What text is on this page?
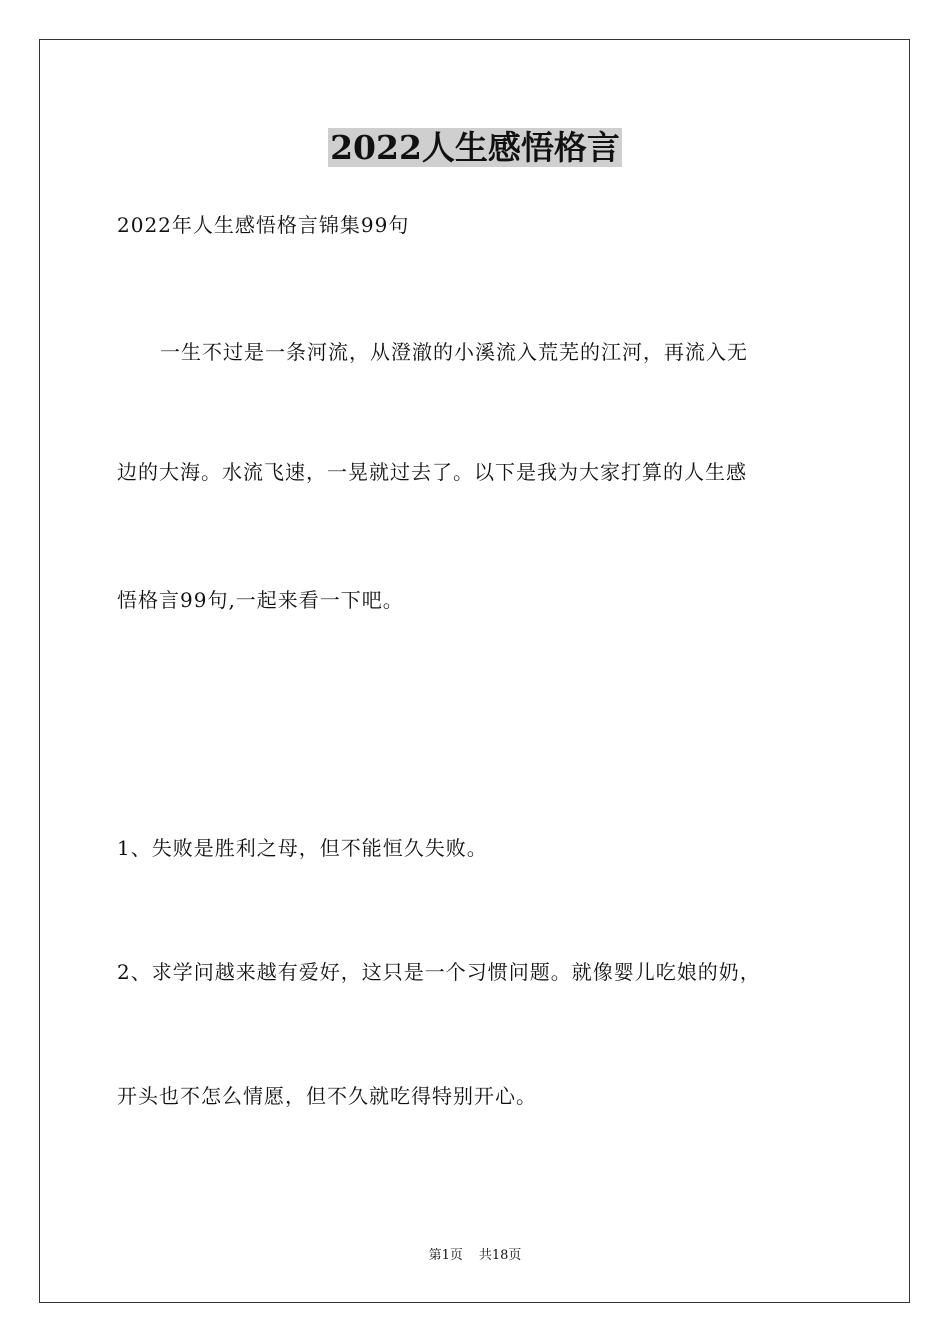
2022人生感悟格言
2022年人生感悟格言锦集99句
一生不过是一条河流，从澄澈的小溪流入荒芜的江河，再流入无
边的大海。水流飞速，一晃就过去了。以下是我为大家打算的人生感
悟格言99句,一起来看一下吧。
1、失败是胜利之母，但不能恒久失败。
2、求学问越来越有爱好，这只是一个习惯问题。就像婴儿吃娘的奶，
开头也不怎么情愿，但不久就吃得特别开心。
第1页 共18页
